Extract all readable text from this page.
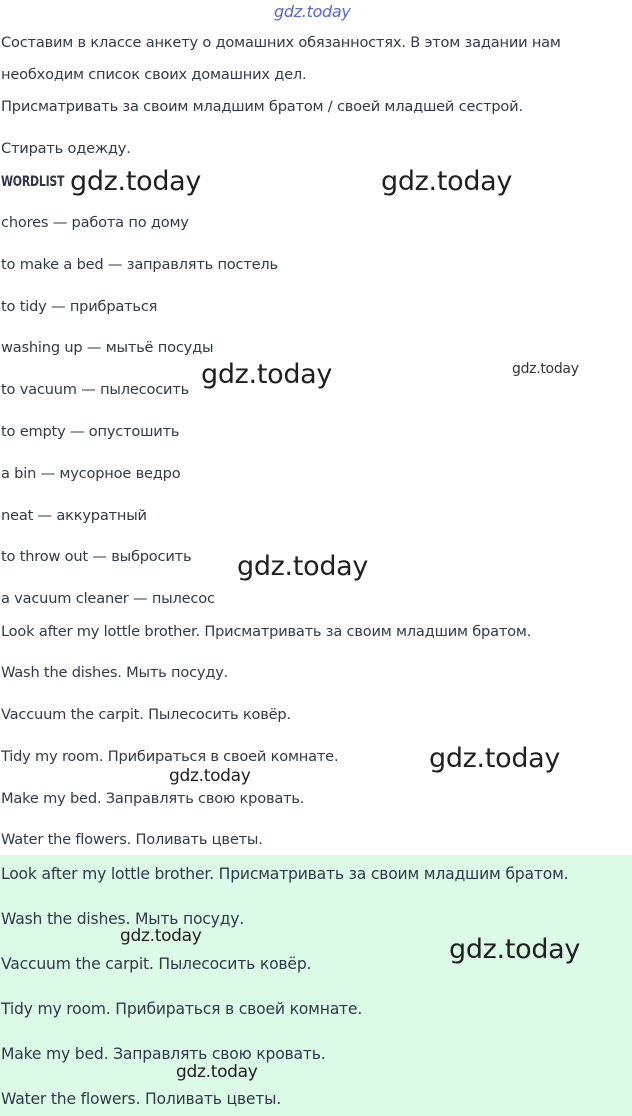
gdz.today
Составим в классе анкету о домашних обязанностях. В этом задании нам
необходим список своих домашних дел.
Присматривать за своим младшим братом / своей младшей сестрой.
Стирать одежду.
WORDLIST
chores — работа по дому
to make a bed — заправлять постель
to tidy — прибраться
washing up — мытьё посуды
to vacuum — пылесосить
to empty — опустошить
a bin — мусорное ведро
neat — аккуратный
to throw out — выбросить
a vacuum cleaner — пылесос
Look after my lottle brother. Присматривать за своим младшим братом.
Wash the dishes. Мыть посуду.
Vaccuum the carpit. Пылесосить ковёр.
Tidy my room. Прибираться в своей комнате.
Make my bed. Заправлять свою кровать.
Water the flowers. Поливать цветы.
Look after my lottle brother. Присматривать за своим младшим братом.
Wash the dishes. Мыть посуду.
Vaccuum the carpit. Пылесосить ковёр.
Tidy my room. Прибираться в своей комнате.
Make my bed. Заправлять свою кровать.
Water the flowers. Поливать цветы.
gdz.today	gdz.today
gdz.today	gdz.today
gdz.today
gdz.today
gdz.today
gdz.today	gdz.today
gdz.today
